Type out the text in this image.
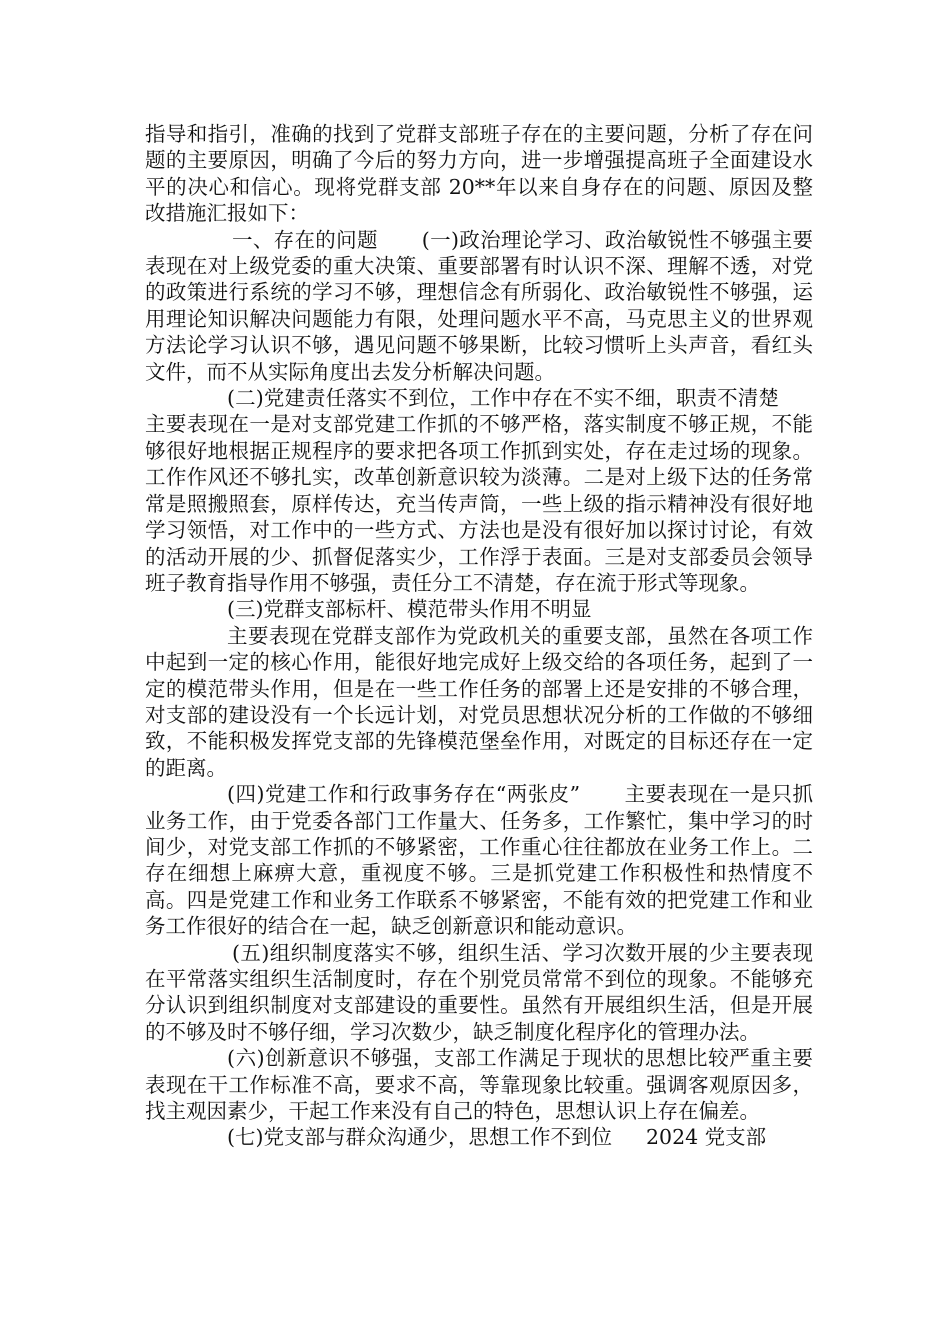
指导和指引，准确的找到了党群支部班子存在的主要问题，分析了存在问题的主要原因，明确了今后的努力方向，进一步增强提高班子全面建设水平的决心和信心。现将党群支部 20**年以来自身存在的问题、原因及整改措施汇报如下：

一、存在的问题 (一)政治理论学习、政治敏锐性不够强主要表现在对上级党委的重大决策、重要部署有时认识不深、理解不透，对党的政策进行系统的学习不够，理想信念有所弱化、政治敏锐性不够强，运用理论知识解决问题能力有限，处理问题水平不高，马克思主义的世界观方法论学习认识不够，遇见问题不够果断，比较习惯听上头声音，看红头文件，而不从实际角度出去发分析解决问题。

(二)党建责任落实不到位，工作中存在不实不细，职责不清楚主要表现在一是对支部党建工作抓的不够严格，落实制度不够正规，不能够很好地根据正规程序的要求把各项工作抓到实处，存在走过场的现象。工作作风还不够扎实，改革创新意识较为淡薄。二是对上级下达的任务常常是照搬照套，原样传达，充当传声筒，一些上级的指示精神没有很好地学习领悟，对工作中的一些方式、方法也是没有很好加以探讨讨论，有效的活动开展的少、抓督促落实少，工作浮于表面。三是对支部委员会领导班子教育指导作用不够强，责任分工不清楚，存在流于形式等现象。

(三)党群支部标杆、模范带头作用不明显

主要表现在党群支部作为党政机关的重要支部，虽然在各项工作中起到一定的核心作用，能很好地完成好上级交给的各项任务，起到了一定的模范带头作用，但是在一些工作任务的部署上还是安排的不够合理，对支部的建设没有一个长远计划，对党员思想状况分析的工作做的不够细致，不能积极发挥党支部的先锋模范堡垒作用，对既定的目标还存在一定的距离。

(四)党建工作和行政事务存在“两张皮” 主要表现在一是只抓业务工作，由于党委各部门工作量大、任务多，工作繁忙，集中学习的时间少，对党支部工作抓的不够紧密，工作重心往往都放在业务工作上。二存在细想上麻痹大意，重视度不够。三是抓党建工作积极性和热情度不高。四是党建工作和业务工作联系不够紧密，不能有效的把党建工作和业务工作很好的结合在一起，缺乏创新意识和能动意识。

(五)组织制度落实不够，组织生活、学习次数开展的少主要表现在平常落实组织生活制度时，存在个别党员常常不到位的现象。不能够充分认识到组织制度对支部建设的重要性。虽然有开展组织生活，但是开展的不够及时不够仔细，学习次数少，缺乏制度化程序化的管理办法。

(六)创新意识不够强，支部工作满足于现状的思想比较严重主要表现在干工作标准不高，要求不高，等靠现象比较重。强调客观原因多，找主观因素少，干起工作来没有自己的特色，思想认识上存在偏差。

(七)党支部与群众沟通少，思想工作不到位 2024 党支部
